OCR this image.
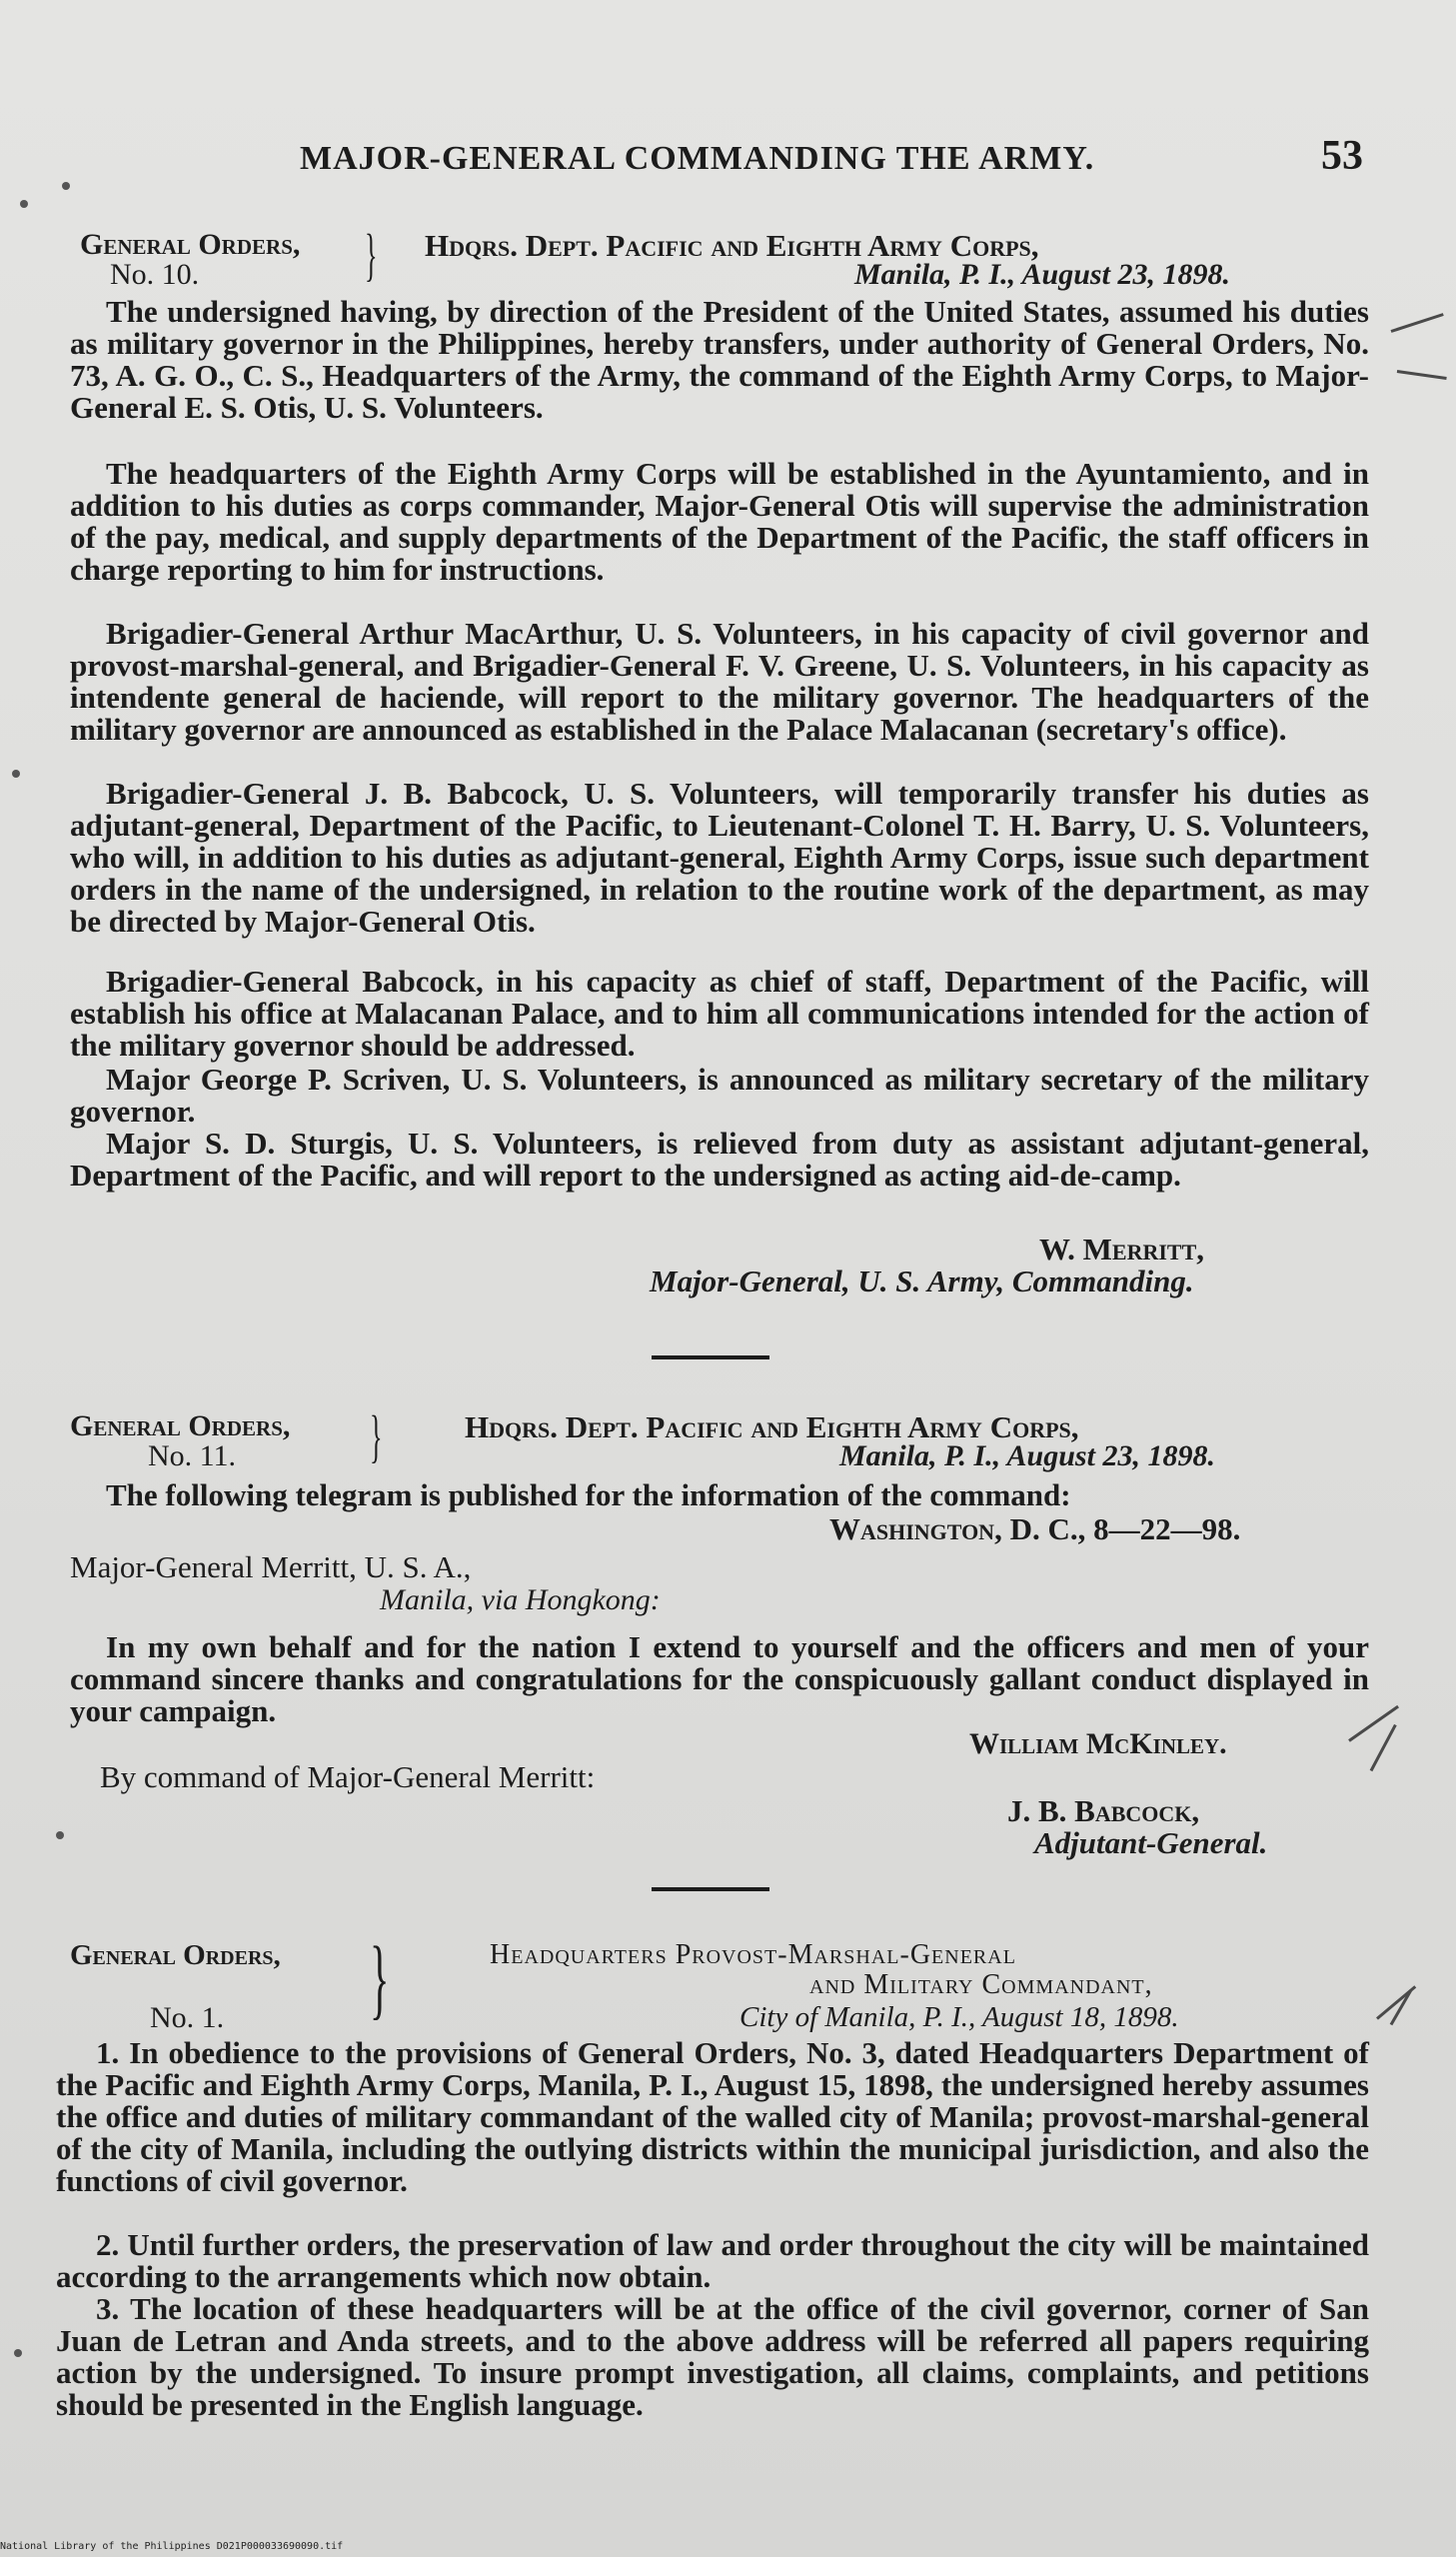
MAJOR-GENERAL COMMANDING THE ARMY.	53
General Orders,
No. 10.	} Hdqrs. Dept. Pacific and Eighth Army Corps,
Manila, P. I., August 23, 1898.
The undersigned having, by direction of the President of the United States, assumed his duties as military governor in the Philippines, hereby transfers, under authority of General Orders, No. 73, A. G. O., C. S., Headquarters of the Army, the command of the Eighth Army Corps, to Major-General E. S. Otis, U. S. Volunteers.
The headquarters of the Eighth Army Corps will be established in the Ayuntamiento, and in addition to his duties as corps commander, Major-General Otis will supervise the administration of the pay, medical, and supply departments of the Department of the Pacific, the staff officers in charge reporting to him for instructions.
Brigadier-General Arthur MacArthur, U. S. Volunteers, in his capacity of civil governor and provost-marshal-general, and Brigadier-General F. V. Greene, U. S. Volunteers, in his capacity as intendente general de haciende, will report to the military governor. The headquarters of the military governor are announced as established in the Palace Malacanan (secretary's office).
Brigadier-General J. B. Babcock, U. S. Volunteers, will temporarily transfer his duties as adjutant-general, Department of the Pacific, to Lieutenant-Colonel T. H. Barry, U. S. Volunteers, who will, in addition to his duties as adjutant-general, Eighth Army Corps, issue such department orders in the name of the undersigned, in relation to the routine work of the department, as may be directed by Major-General Otis.
Brigadier-General Babcock, in his capacity as chief of staff, Department of the Pacific, will establish his office at Malacanan Palace, and to him all communications intended for the action of the military governor should be addressed.
Major George P. Scriven, U. S. Volunteers, is announced as military secretary of the military governor.
Major S. D. Sturgis, U. S. Volunteers, is relieved from duty as assistant adjutant-general, Department of the Pacific, and will report to the undersigned as acting aid-de-camp.
W. Merritt,
Major-General, U. S. Army, Commanding.
General Orders,
No. 11. }	Hdqrs. Dept. Pacific and Eighth Army Corps,
Manila, P. I., August 23, 1898.
The following telegram is published for the information of the command:
Washington, D. C., 8—22—98.
Major-General Merritt, U. S. A.,
Manila, via Hongkong:
In my own behalf and for the nation I extend to yourself and the officers and men of your command sincere thanks and congratulations for the conspicuously gallant conduct displayed in your campaign.
William McKinley.
By command of Major-General Merritt:
J. B. Babcock,
Adjutant-General.
General Orders,
No. 1. }	Headquarters Provost-Marshal-General
and Military Commandant,
City of Manila, P. I., August 18, 1898.
1. In obedience to the provisions of General Orders, No. 3, dated Headquarters Department of the Pacific and Eighth Army Corps, Manila, P. I., August 15, 1898, the undersigned hereby assumes the office and duties of military commandant of the walled city of Manila; provost-marshal-general of the city of Manila, including the outlying districts within the municipal jurisdiction, and also the functions of civil governor.
2. Until further orders, the preservation of law and order throughout the city will be maintained according to the arrangements which now obtain.
3. The location of these headquarters will be at the office of the civil governor, corner of San Juan de Letran and Anda streets, and to the above address will be referred all papers requiring action by the undersigned. To insure prompt investigation, all claims, complaints, and petitions should be presented in the English language.
National Library of the Philippines D021P000033690090.tif
